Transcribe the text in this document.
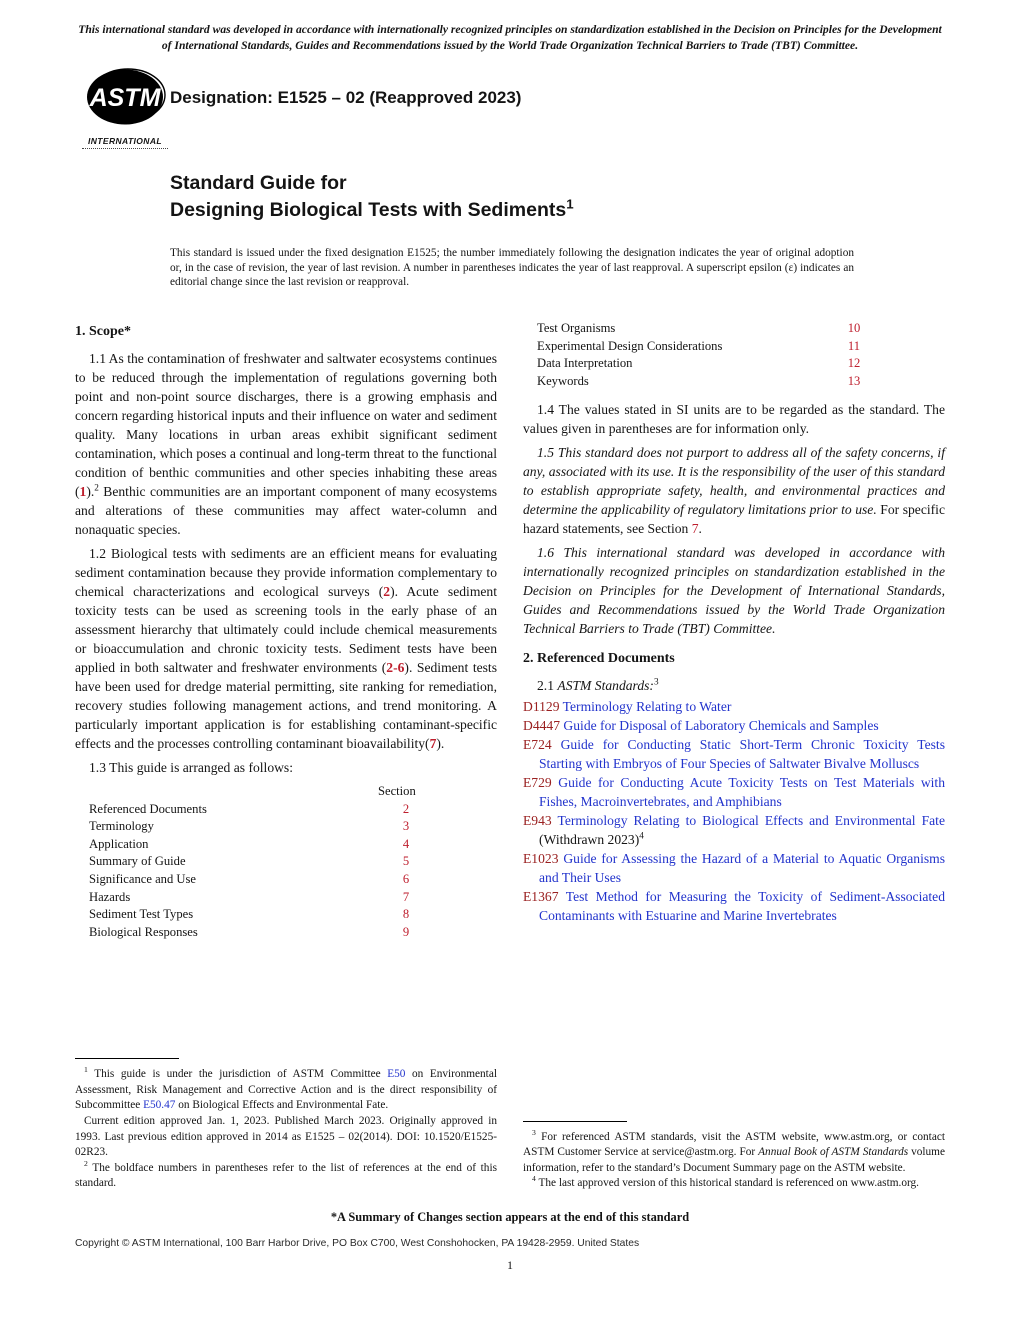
This international standard was developed in accordance with internationally recognized principles on standardization established in the Decision on Principles for the Development of International Standards, Guides and Recommendations issued by the World Trade Organization Technical Barriers to Trade (TBT) Committee.
ASTM
INTERNATIONAL
Designation: E1525 – 02 (Reapproved 2023)
Standard Guide for
Designing Biological Tests with Sediments$^1$
This standard is issued under the fixed designation E1525; the number immediately following the designation indicates the year of original adoption or, in the case of revision, the year of last revision. A number in parentheses indicates the year of last reapproval. A superscript epsilon (ε) indicates an editorial change since the last revision or reapproval.
1. Scope*

1.1 As the contamination of freshwater and saltwater ecosystems continues to be reduced through the implementation of regulations governing both point and non-point source discharges, there is a growing emphasis and concern regarding historical inputs and their influence on water and sediment quality. Many locations in urban areas exhibit significant sediment contamination, which poses a continual and long-term threat to the functional condition of benthic communities and other species inhabiting these areas (1).$^2$ Benthic communities are an important component of many ecosystems and alterations of these communities may affect water-column and nonaquatic species.

1.2 Biological tests with sediments are an efficient means for evaluating sediment contamination because they provide information complementary to chemical characterizations and ecological surveys (2). Acute sediment toxicity tests can be used as screening tools in the early phase of an assessment hierarchy that ultimately could include chemical measurements or bioaccumulation and chronic toxicity tests. Sediment tests have been applied in both saltwater and freshwater environments (2-6). Sediment tests have been used for dredge material permitting, site ranking for remediation, recovery studies following management actions, and trend monitoring. A particularly important application is for establishing contaminant-specific effects and the processes controlling contaminant bioavailability(7).

1.3 This guide is arranged as follows:

Section
Referenced Documents	2
Terminology	3
Application	4
Summary of Guide	5
Significance and Use	6
Hazards	7
Sediment Test Types	8
Biological Responses	9

$^1$ This guide is under the jurisdiction of ASTM Committee E50 on Environmental Assessment, Risk Management and Corrective Action and is the direct responsibility of Subcommittee E50.47 on Biological Effects and Environmental Fate.

Current edition approved Jan. 1, 2023. Published March 2023. Originally approved in 1993. Last previous edition approved in 2014 as E1525 – 02(2014). DOI: 10.1520/E1525-02R23.

$^2$ The boldface numbers in parentheses refer to the list of references at the end of this standard.

Test Organisms	10
Experimental Design Considerations	11
Data Interpretation	12
Keywords	13

1.4 The values stated in SI units are to be regarded as the standard. The values given in parentheses are for information only.

1.5 This standard does not purport to address all of the safety concerns, if any, associated with its use. It is the responsibility of the user of this standard to establish appropriate safety, health, and environmental practices and determine the applicability of regulatory limitations prior to use. For specific hazard statements, see Section 7.

1.6 This international standard was developed in accordance with internationally recognized principles on standardization established in the Decision on Principles for the Development of International Standards, Guides and Recommendations issued by the World Trade Organization Technical Barriers to Trade (TBT) Committee.

2. Referenced Documents

2.1 ASTM Standards:$^3$

D1129 Terminology Relating to Water
D4447 Guide for Disposal of Laboratory Chemicals and Samples
E724 Guide for Conducting Static Short-Term Chronic Toxicity Tests Starting with Embryos of Four Species of Saltwater Bivalve Molluscs
E729 Guide for Conducting Acute Toxicity Tests on Test Materials with Fishes, Macroinvertebrates, and Amphibians
E943 Terminology Relating to Biological Effects and Environmental Fate (Withdrawn 2023)$^4$
E1023 Guide for Assessing the Hazard of a Material to Aquatic Organisms and Their Uses
E1367 Test Method for Measuring the Toxicity of Sediment-Associated Contaminants with Estuarine and Marine Invertebrates

$^3$ For referenced ASTM standards, visit the ASTM website, www.astm.org, or contact ASTM Customer Service at service@astm.org. For Annual Book of ASTM Standards volume information, refer to the standard’s Document Summary page on the ASTM website.

$^4$ The last approved version of this historical standard is referenced on www.astm.org.

*A Summary of Changes section appears at the end of this standard
Copyright © ASTM International, 100 Barr Harbor Drive, PO Box C700, West Conshohocken, PA 19428-2959. United States
1
